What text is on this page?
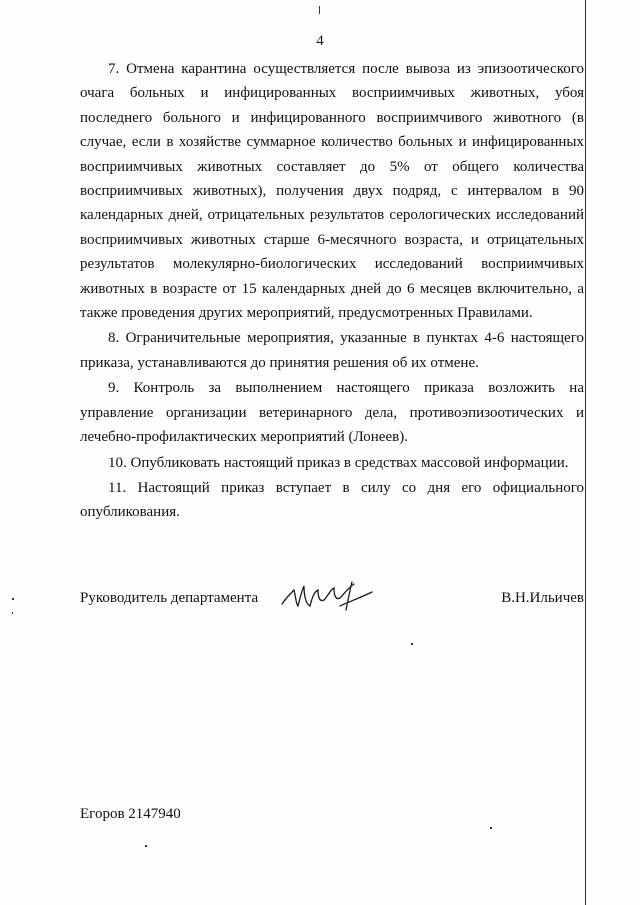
4

7. Отмена карантина осуществляется после вывоза из эпизоотического очага больных и инфицированных восприимчивых животных, убоя последнего больного и инфицированного восприимчивого животного (в случае, если в хозяйстве суммарное количество больных и инфицированных восприимчивых животных составляет до 5% от общего количества восприимчивых животных), получения двух подряд, с интервалом в 90 календарных дней, отрицательных результатов серологических исследований восприимчивых животных старше 6-месячного возраста, и отрицательных результатов молекулярно-биологических исследований восприимчивых животных в возрасте от 15 календарных дней до 6 месяцев включительно, а также проведения других мероприятий, предусмотренных Правилами.

8. Ограничительные мероприятия, указанные в пунктах 4-6 настоящего приказа, устанавливаются до принятия решения об их отмене.

9. Контроль за выполнением настоящего приказа возложить на управление организации ветеринарного дела, противоэпизоотических и лечебно-профилактических мероприятий (Лонеев).

10. Опубликовать настоящий приказ в средствах массовой информации.

11. Настоящий приказ вступает в силу со дня его официального опубликования.

Руководитель департамента	В.Н.Ильичев
Егоров 2147940
